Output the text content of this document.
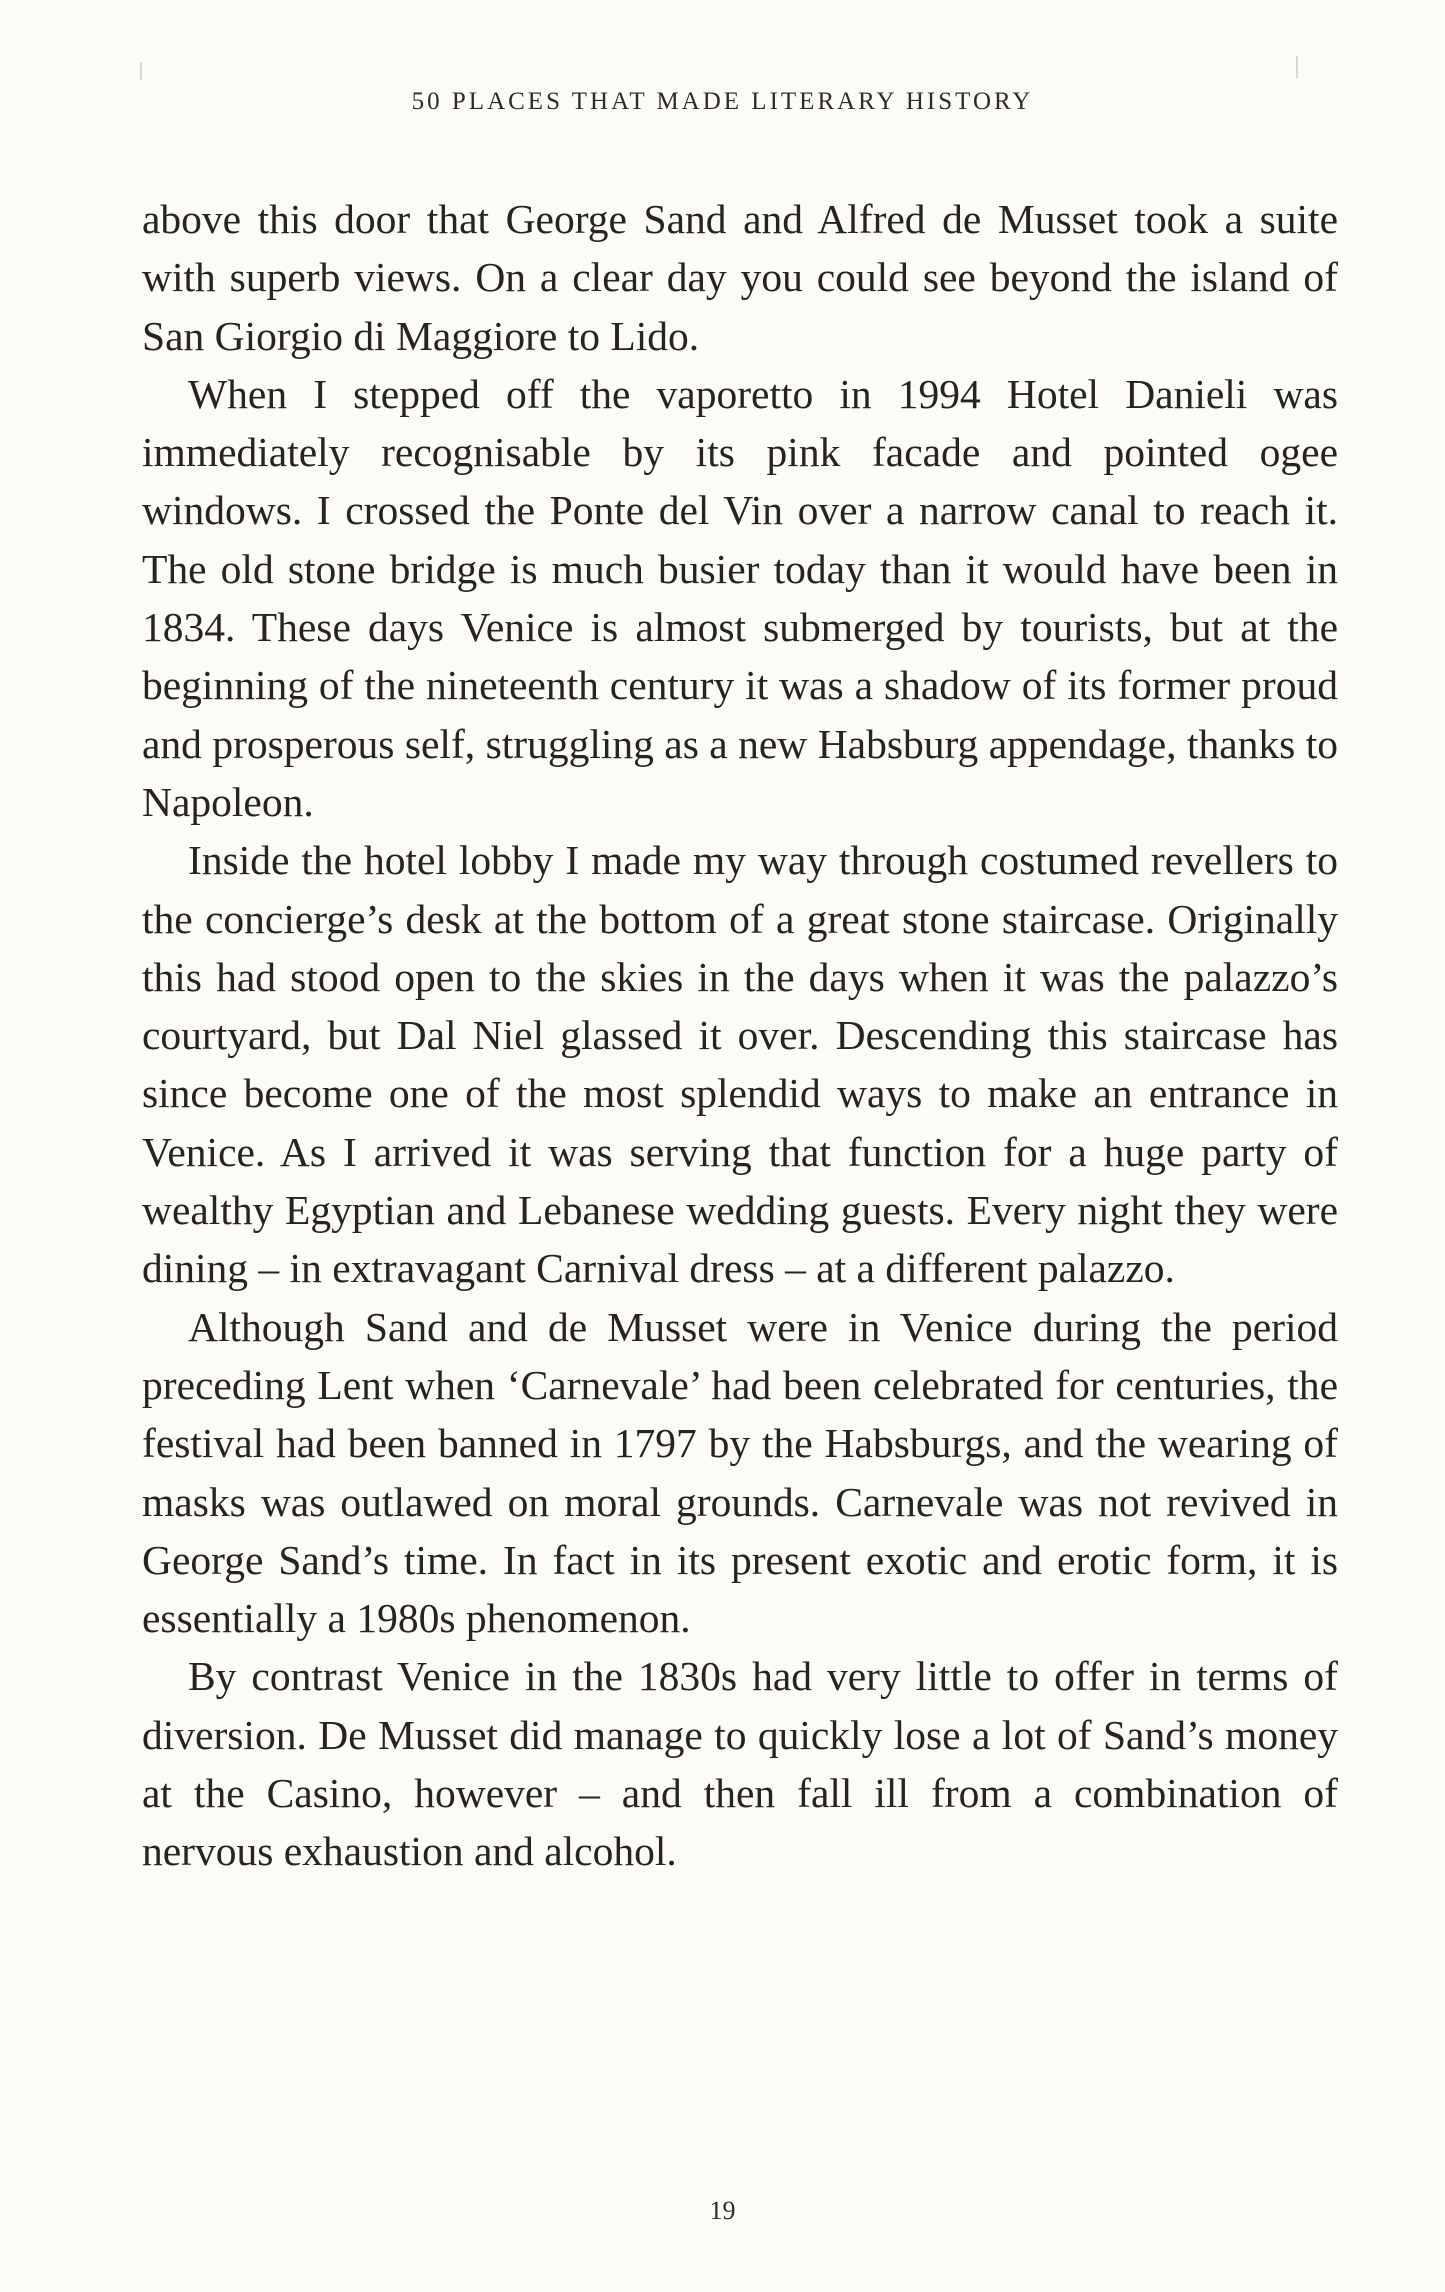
50 PLACES THAT MADE LITERARY HISTORY

above this door that George Sand and Alfred de Musset took a suite with superb views. On a clear day you could see beyond the island of San Giorgio di Maggiore to Lido.

When I stepped off the vaporetto in 1994 Hotel Danieli was immediately recognisable by its pink facade and pointed ogee windows. I crossed the Ponte del Vin over a narrow canal to reach it. The old stone bridge is much busier today than it would have been in 1834. These days Venice is almost submerged by tourists, but at the beginning of the nineteenth century it was a shadow of its former proud and prosperous self, struggling as a new Habsburg appendage, thanks to Napoleon.

Inside the hotel lobby I made my way through costumed revellers to the concierge’s desk at the bottom of a great stone staircase. Originally this had stood open to the skies in the days when it was the palazzo’s courtyard, but Dal Niel glassed it over. Descending this staircase has since become one of the most splendid ways to make an entrance in Venice. As I arrived it was serving that function for a huge party of wealthy Egyptian and Lebanese wedding guests. Every night they were dining – in extravagant Carnival dress – at a different palazzo.

Although Sand and de Musset were in Venice during the period preceding Lent when ‘Carnevale’ had been celebrated for centuries, the festival had been banned in 1797 by the Habsburgs, and the wearing of masks was outlawed on moral grounds. Carnevale was not revived in George Sand’s time. In fact in its present exotic and erotic form, it is essentially a 1980s phenomenon.

By contrast Venice in the 1830s had very little to offer in terms of diversion. De Musset did manage to quickly lose a lot of Sand’s money at the Casino, however – and then fall ill from a combination of nervous exhaustion and alcohol.

19
